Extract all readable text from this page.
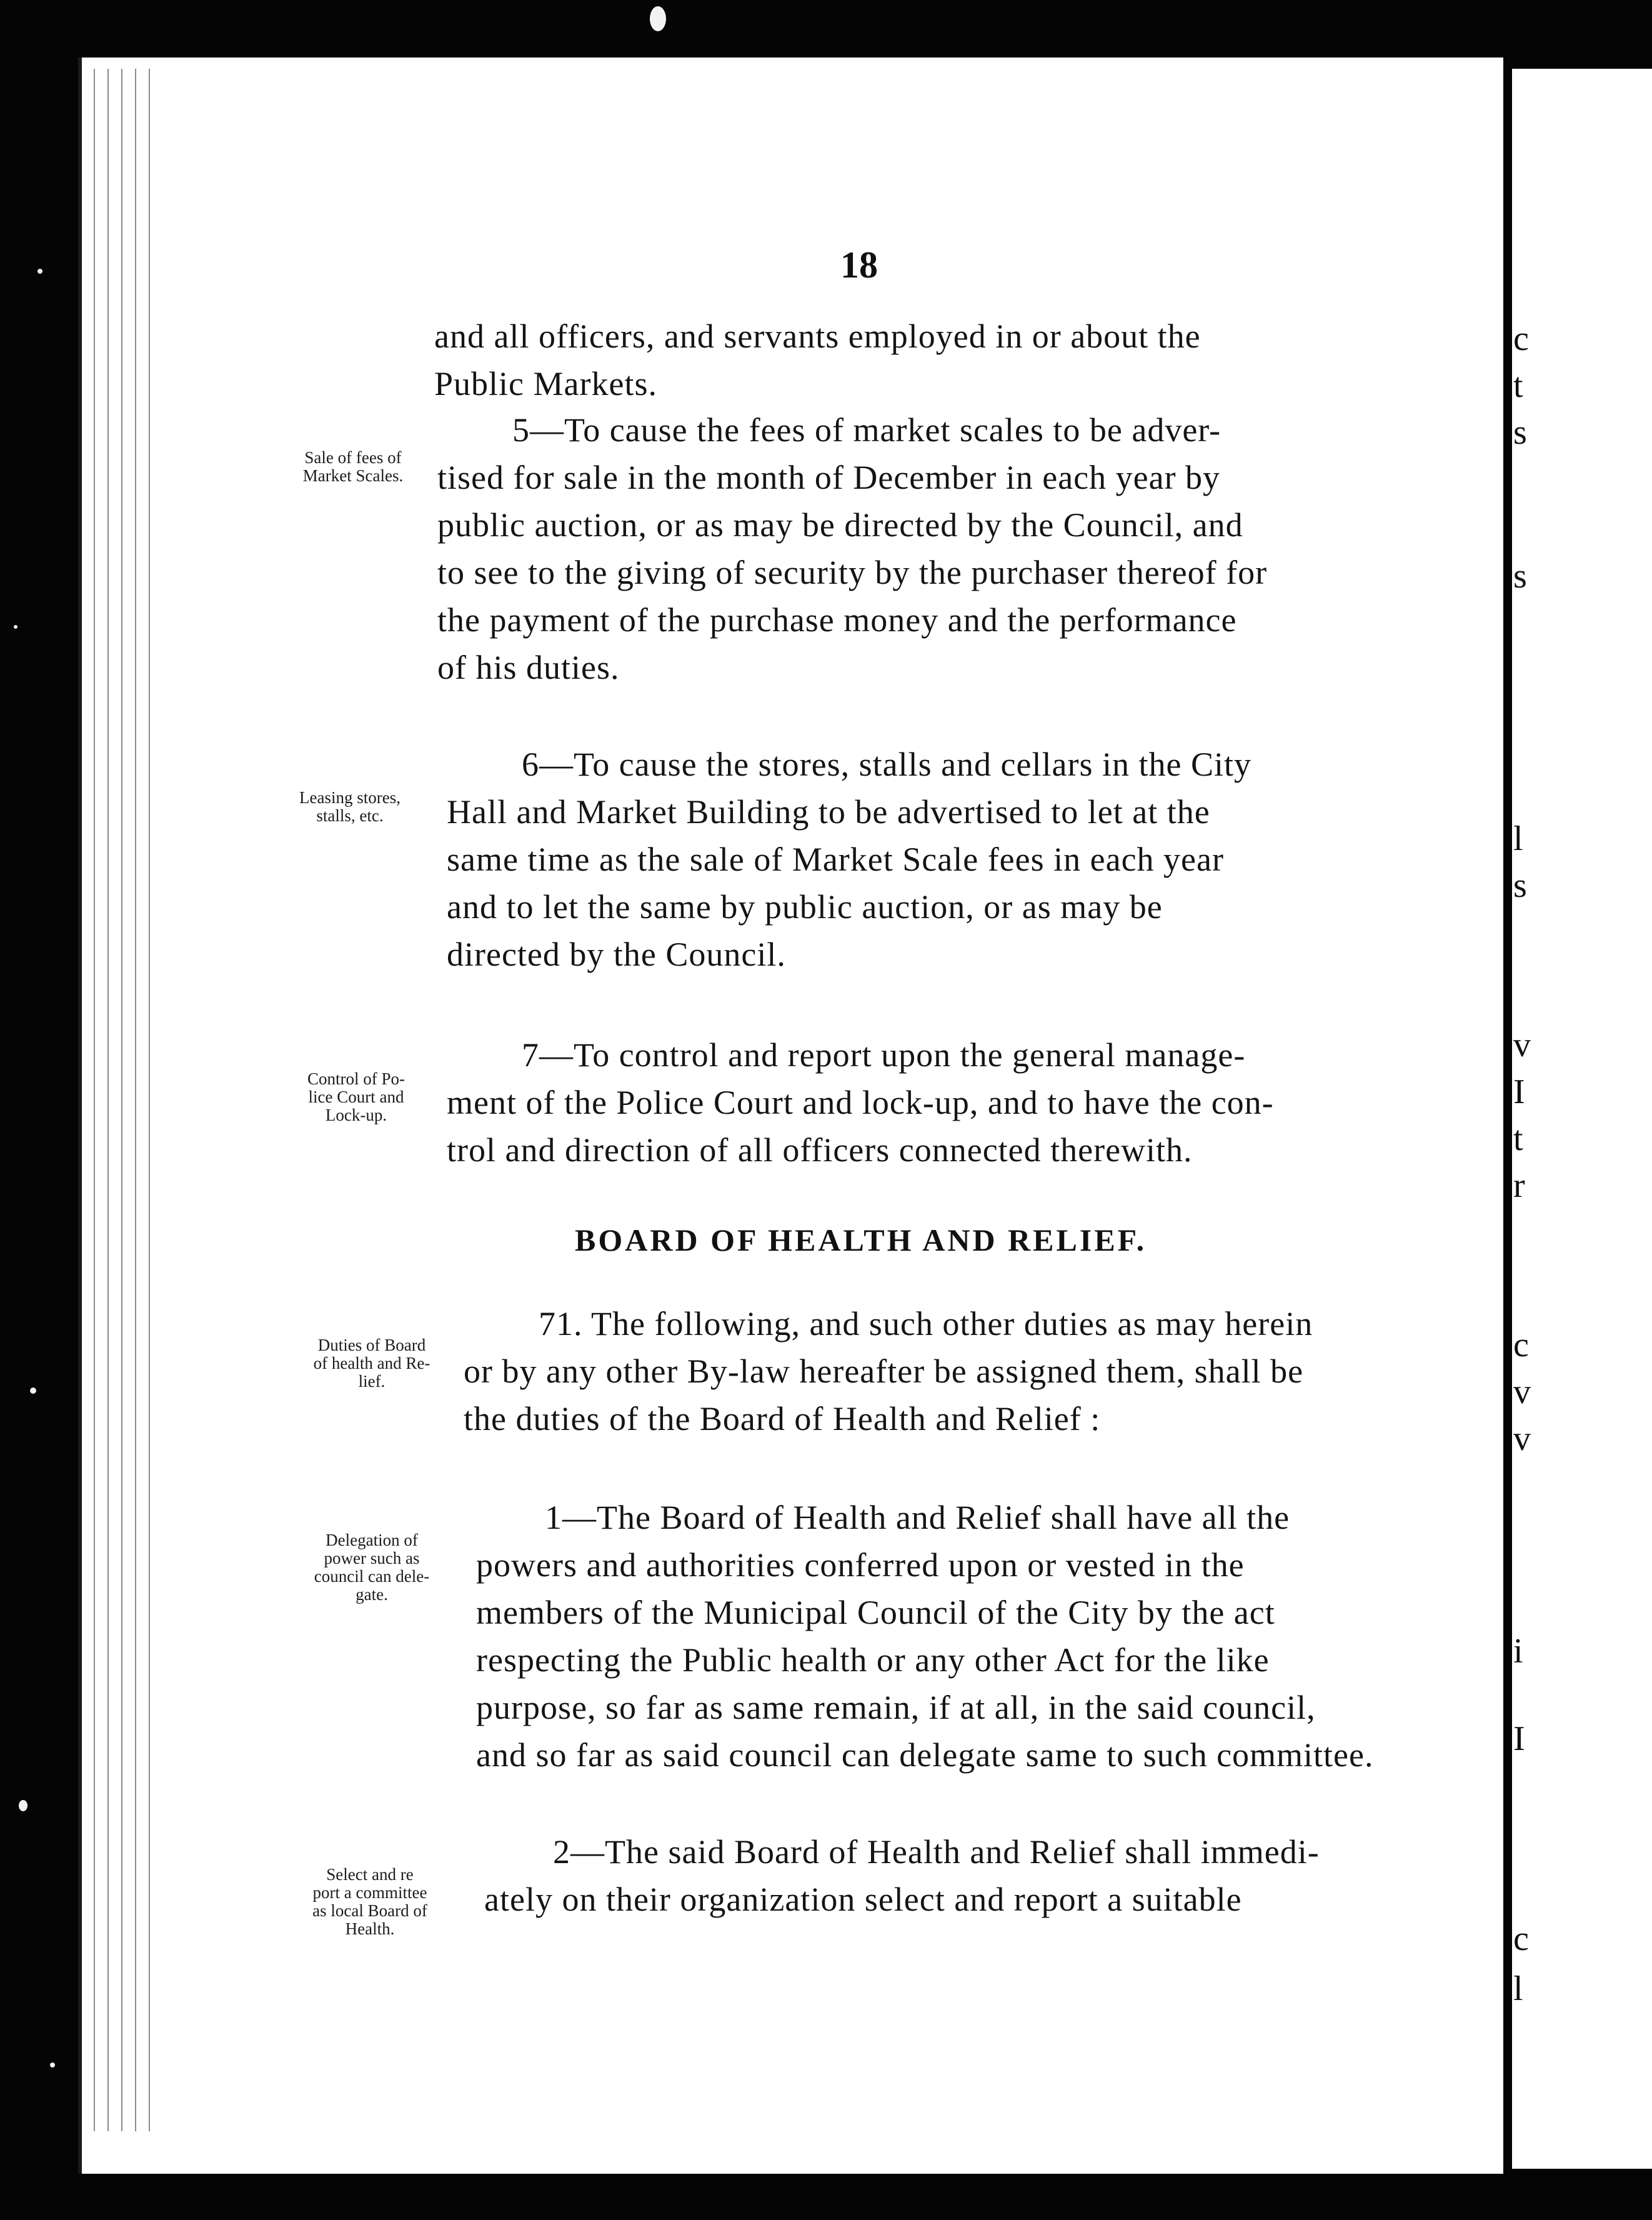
c
t
s
s
l
s
v
I
t
r
c
v
v
i
I
c
l
18
and all officers, and servants employed in or about the
Public Markets.
Sale of fees of
Market Scales.
5—To cause the fees of market scales to be adver-
tised for sale in the month of December in each year by
public auction, or as may be directed by the Council, and
to see to the giving of security by the purchaser thereof for
the payment of the purchase money and the performance
of his duties.
Leasing stores,
stalls, etc.
6—To cause the stores, stalls and cellars in the City
Hall and Market Building to be advertised to let at the
same time as the sale of Market Scale fees in each year
and to let the same by public auction, or as may be
directed by the Council.
Control of Po-
lice Court and
Lock-up.
7—To control and report upon the general manage-
ment of the Police Court and lock-up, and to have the con-
trol and direction of all officers connected therewith.
BOARD OF HEALTH AND RELIEF.
Duties of Board
of health and Re-
lief.
71. The following, and such other duties as may herein
or by any other By-law hereafter be assigned them, shall be
the duties of the Board of Health and Relief :
Delegation of
power such as
council can dele-
gate.
1—The Board of Health and Relief shall have all the
powers and authorities conferred upon or vested in the
members of the Municipal Council of the City by the act
respecting the Public health or any other Act for the like
purpose, so far as same remain, if at all, in the said council,
and so far as said council can delegate same to such committee.
Select and re
port a committee
as local Board of
Health.
2—The said Board of Health and Relief shall immedi-
ately on their organization select and report a suitable
